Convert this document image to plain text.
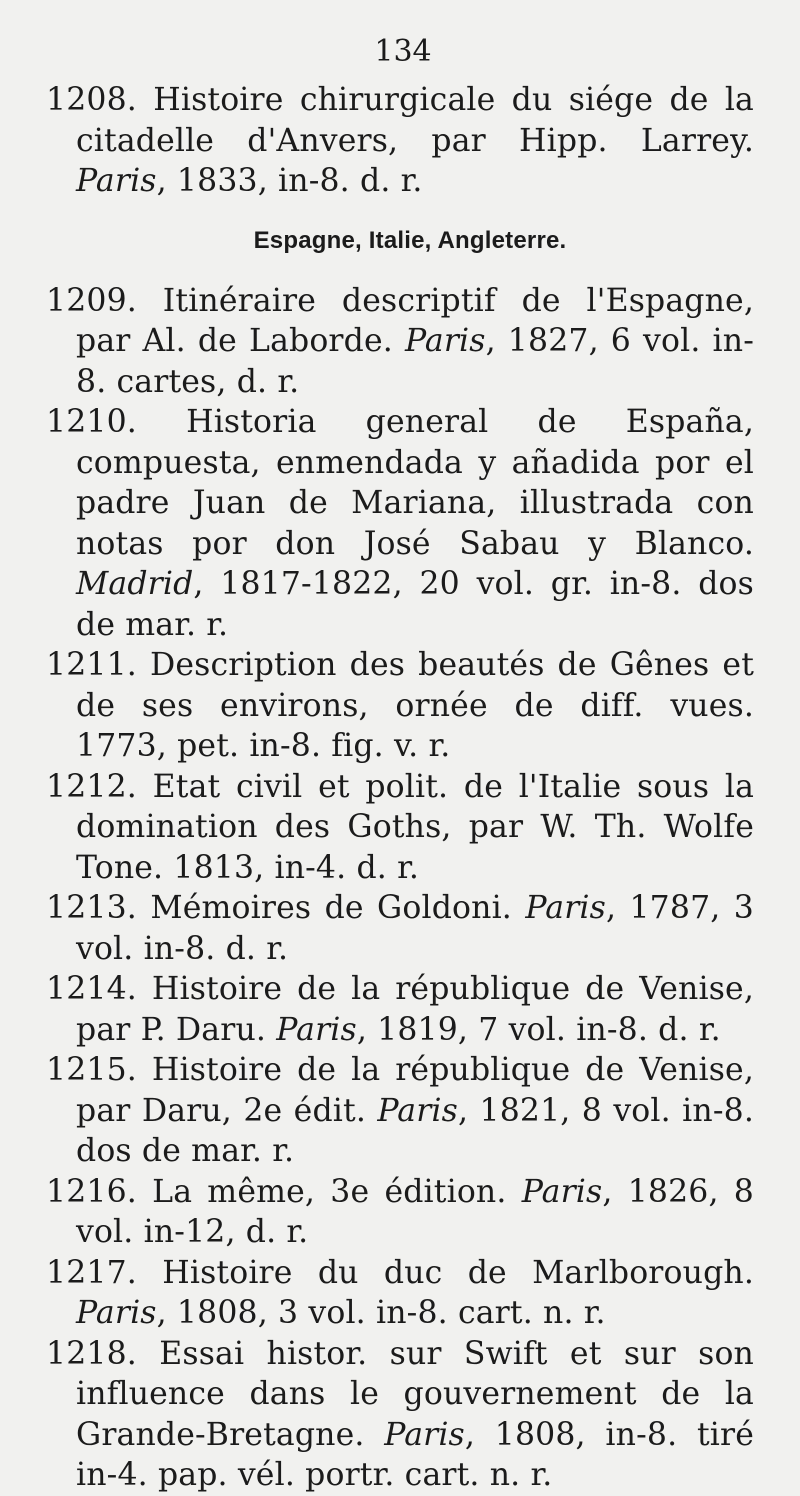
134
1208. Histoire chirurgicale du siége de la citadelle d'Anvers, par Hipp. Larrey. Paris, 1833, in-8. d. r.
Espagne, Italie, Angleterre.
1209. Itinéraire descriptif de l'Espagne, par Al. de Laborde. Paris, 1827, 6 vol. in-8. cartes, d. r.
1210. Historia general de España, compuesta, enmendada y añadida por el padre Juan de Mariana, illustrada con notas por don José Sabau y Blanco. Madrid, 1817-1822, 20 vol. gr. in-8. dos de mar. r.
1211. Description des beautés de Gênes et de ses environs, ornée de diff. vues. 1773, pet. in-8. fig. v. r.
1212. Etat civil et polit. de l'Italie sous la domination des Goths, par W. Th. Wolfe Tone. 1813, in-4. d. r.
1213. Mémoires de Goldoni. Paris, 1787, 3 vol. in-8. d. r.
1214. Histoire de la république de Venise, par P. Daru. Paris, 1819, 7 vol. in-8. d. r.
1215. Histoire de la république de Venise, par Daru, 2e édit. Paris, 1821, 8 vol. in-8. dos de mar. r.
1216. La même, 3e édition. Paris, 1826, 8 vol. in-12, d. r.
1217. Histoire du duc de Marlborough. Paris, 1808, 3 vol. in-8. cart. n. r.
1218. Essai histor. sur Swift et sur son influence dans le gouvernement de la Grande-Bretagne. Paris, 1808, in-8. tiré in-4. pap. vél. portr. cart. n. r.
